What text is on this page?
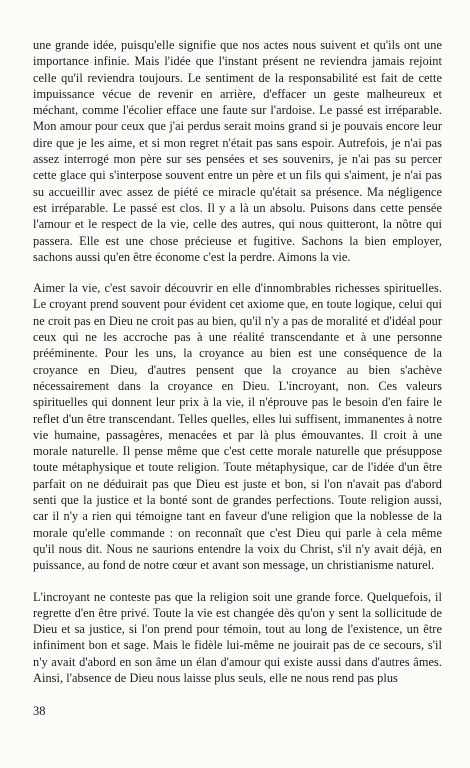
une grande idée, puisqu'elle signifie que nos actes nous suivent et qu'ils ont une importance infinie. Mais l'idée que l'instant présent ne reviendra jamais rejoint celle qu'il reviendra toujours. Le sentiment de la responsabilité est fait de cette impuissance vécue de revenir en arrière, d'effacer un geste malheureux et méchant, comme l'écolier efface une faute sur l'ardoise. Le passé est irréparable. Mon amour pour ceux que j'ai perdus serait moins grand si je pouvais encore leur dire que je les aime, et si mon regret n'était pas sans espoir. Autrefois, je n'ai pas assez interrogé mon père sur ses pensées et ses souvenirs, je n'ai pas su percer cette glace qui s'interpose souvent entre un père et un fils qui s'aiment, je n'ai pas su accueillir avec assez de piété ce miracle qu'était sa présence. Ma négligence est irréparable. Le passé est clos. Il y a là un absolu. Puisons dans cette pensée l'amour et le respect de la vie, celle des autres, qui nous quitteront, la nôtre qui passera. Elle est une chose précieuse et fugitive. Sachons la bien employer, sachons aussi qu'en être économe c'est la perdre. Aimons la vie.

Aimer la vie, c'est savoir découvrir en elle d'innombrables richesses spirituelles. Le croyant prend souvent pour évident cet axiome que, en toute logique, celui qui ne croit pas en Dieu ne croit pas au bien, qu'il n'y a pas de moralité et d'idéal pour ceux qui ne les accroche pas à une réalité transcendante et à une personne prééminente. Pour les uns, la croyance au bien est une conséquence de la croyance en Dieu, d'autres pensent que la croyance au bien s'achève nécessairement dans la croyance en Dieu. L'incroyant, non. Ces valeurs spirituelles qui donnent leur prix à la vie, il n'éprouve pas le besoin d'en faire le reflet d'un être transcendant. Telles quelles, elles lui suffisent, immanentes à notre vie humaine, passagères, menacées et par là plus émouvantes. Il croit à une morale naturelle. Il pense même que c'est cette morale naturelle que présuppose toute métaphysique et toute religion. Toute métaphysique, car de l'idée d'un être parfait on ne déduirait pas que Dieu est juste et bon, si l'on n'avait pas d'abord senti que la justice et la bonté sont de grandes perfections. Toute religion aussi, car il n'y a rien qui témoigne tant en faveur d'une religion que la noblesse de la morale qu'elle commande : on reconnaît que c'est Dieu qui parle à cela même qu'il nous dit. Nous ne saurions entendre la voix du Christ, s'il n'y avait déjà, en puissance, au fond de notre cœur et avant son message, un christianisme naturel.

L'incroyant ne conteste pas que la religion soit une grande force. Quelquefois, il regrette d'en être privé. Toute la vie est changée dès qu'on y sent la sollicitude de Dieu et sa justice, si l'on prend pour témoin, tout au long de l'existence, un être infiniment bon et sage. Mais le fidèle lui-même ne jouirait pas de ce secours, s'il n'y avait d'abord en son âme un élan d'amour qui existe aussi dans d'autres âmes. Ainsi, l'absence de Dieu nous laisse plus seuls, elle ne nous rend pas plus

38
